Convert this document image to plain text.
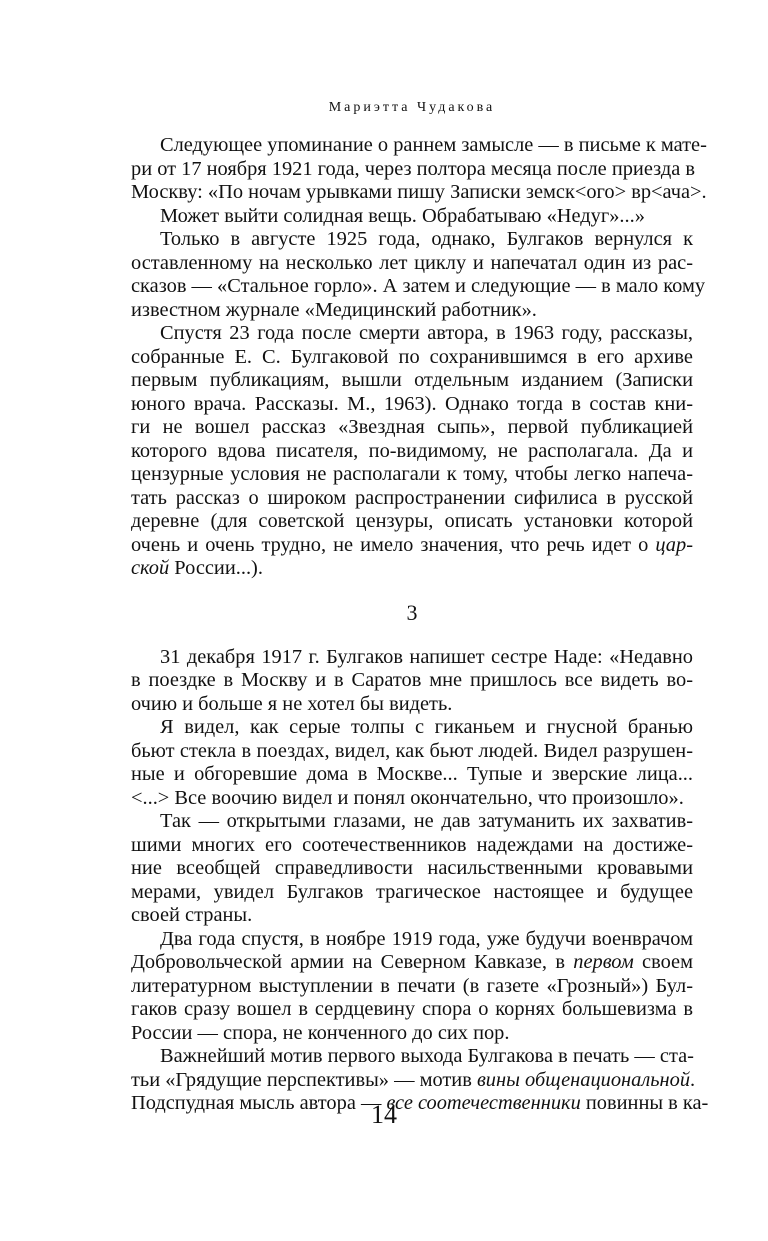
Мариэтта Чудакова
Следующее упоминание о раннем замысле — в письме к мате-
ри от 17 ноября 1921 года, через полтора месяца после приезда в
Москву: «По ночам урывками пишу Записки земск<ого> вр<ача>.
Может выйти солидная вещь. Обрабатываю «Недуг»...»
Только в августе 1925 года, однако, Булгаков вернулся к
оставленному на несколько лет циклу и напечатал один из рас-
сказов — «Стальное горло». А затем и следующие — в мало кому
известном журнале «Медицинский работник».
Спустя 23 года после смерти автора, в 1963 году, рассказы,
собранные Е. С. Булгаковой по сохранившимся в его архиве
первым публикациям, вышли отдельным изданием (Записки
юного врача. Рассказы. М., 1963). Однако тогда в состав кни-
ги не вошел рассказ «Звездная сыпь», первой публикацией
которого вдова писателя, по-видимому, не располагала. Да и
цензурные условия не располагали к тому, чтобы легко напеча-
тать рассказ о широком распространении сифилиса в русской
деревне (для советской цензуры, описать установки которой
очень и очень трудно, не имело значения, что речь идет о цар-
ской России...).
3
31 декабря 1917 г. Булгаков напишет сестре Наде: «Недавно
в поездке в Москву и в Саратов мне пришлось все видеть во-
очию и больше я не хотел бы видеть.
Я видел, как серые толпы с гиканьем и гнусной бранью
бьют стекла в поездах, видел, как бьют людей. Видел разрушен-
ные и обгоревшие дома в Москве... Тупые и зверские лица...
<...> Все воочию видел и понял окончательно, что произошло».
Так — открытыми глазами, не дав затуманить их захватив-
шими многих его соотечественников надеждами на достиже-
ние всеобщей справедливости насильственными кровавыми
мерами, увидел Булгаков трагическое настоящее и будущее
своей страны.
Два года спустя, в ноябре 1919 года, уже будучи военврачом
Добровольческой армии на Северном Кавказе, в первом своем
литературном выступлении в печати (в газете «Грозный») Бул-
гаков сразу вошел в сердцевину спора о корнях большевизма в
России — спора, не конченного до сих пор.
Важнейший мотив первого выхода Булгакова в печать — ста-
тьи «Грядущие перспективы» — мотив вины общенациональной.
Подспудная мысль автора — все соотечественники повинны в ка-
14
